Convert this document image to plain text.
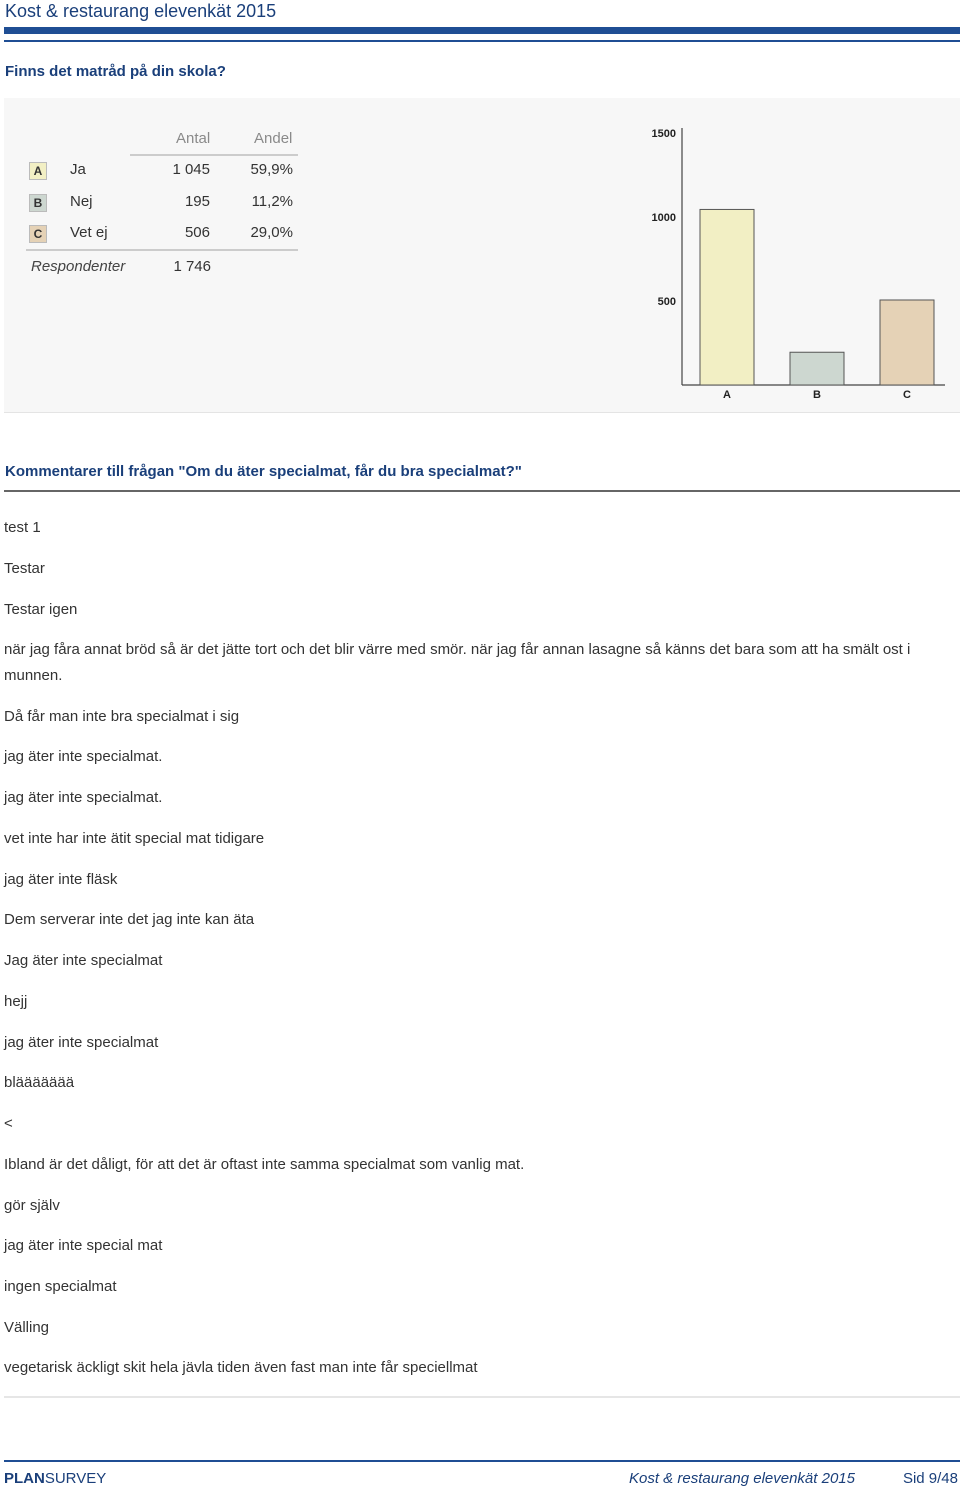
Kost & restaurang elevenkät 2015
Finns det matråd på din skola?
Antal	Andel
A	Ja	1 045	59,9%
B	Nej	195	11,2%
C	Vet ej	506	29,0%
Respondenter	1 746
1500
1000
500
A	B	C
Kommentarer till frågan "Om du äter specialmat, får du bra specialmat?"
test 1
Testar
Testar igen
när jag fåra annat bröd så är det jätte tort och det blir värre med smör. när jag får annan lasagne så känns det bara som att ha smält ost i munnen.
Då får man inte bra specialmat i sig
jag äter inte specialmat.
jag äter inte specialmat.
vet inte har inte ätit special mat tidigare
jag äter inte fläsk
Dem serverar inte det jag inte kan äta
Jag äter inte specialmat
hejj
jag äter inte specialmat
bläääääää
<
Ibland är det dåligt, för att det är oftast inte samma specialmat som vanlig mat.
gör själv
jag äter inte special mat
ingen specialmat
Välling
vegetarisk äckligt skit hela jävla tiden även fast man inte får speciellmat
PLANSURVEY	Kost & restaurang elevenkät 2015	Sid 9/48
